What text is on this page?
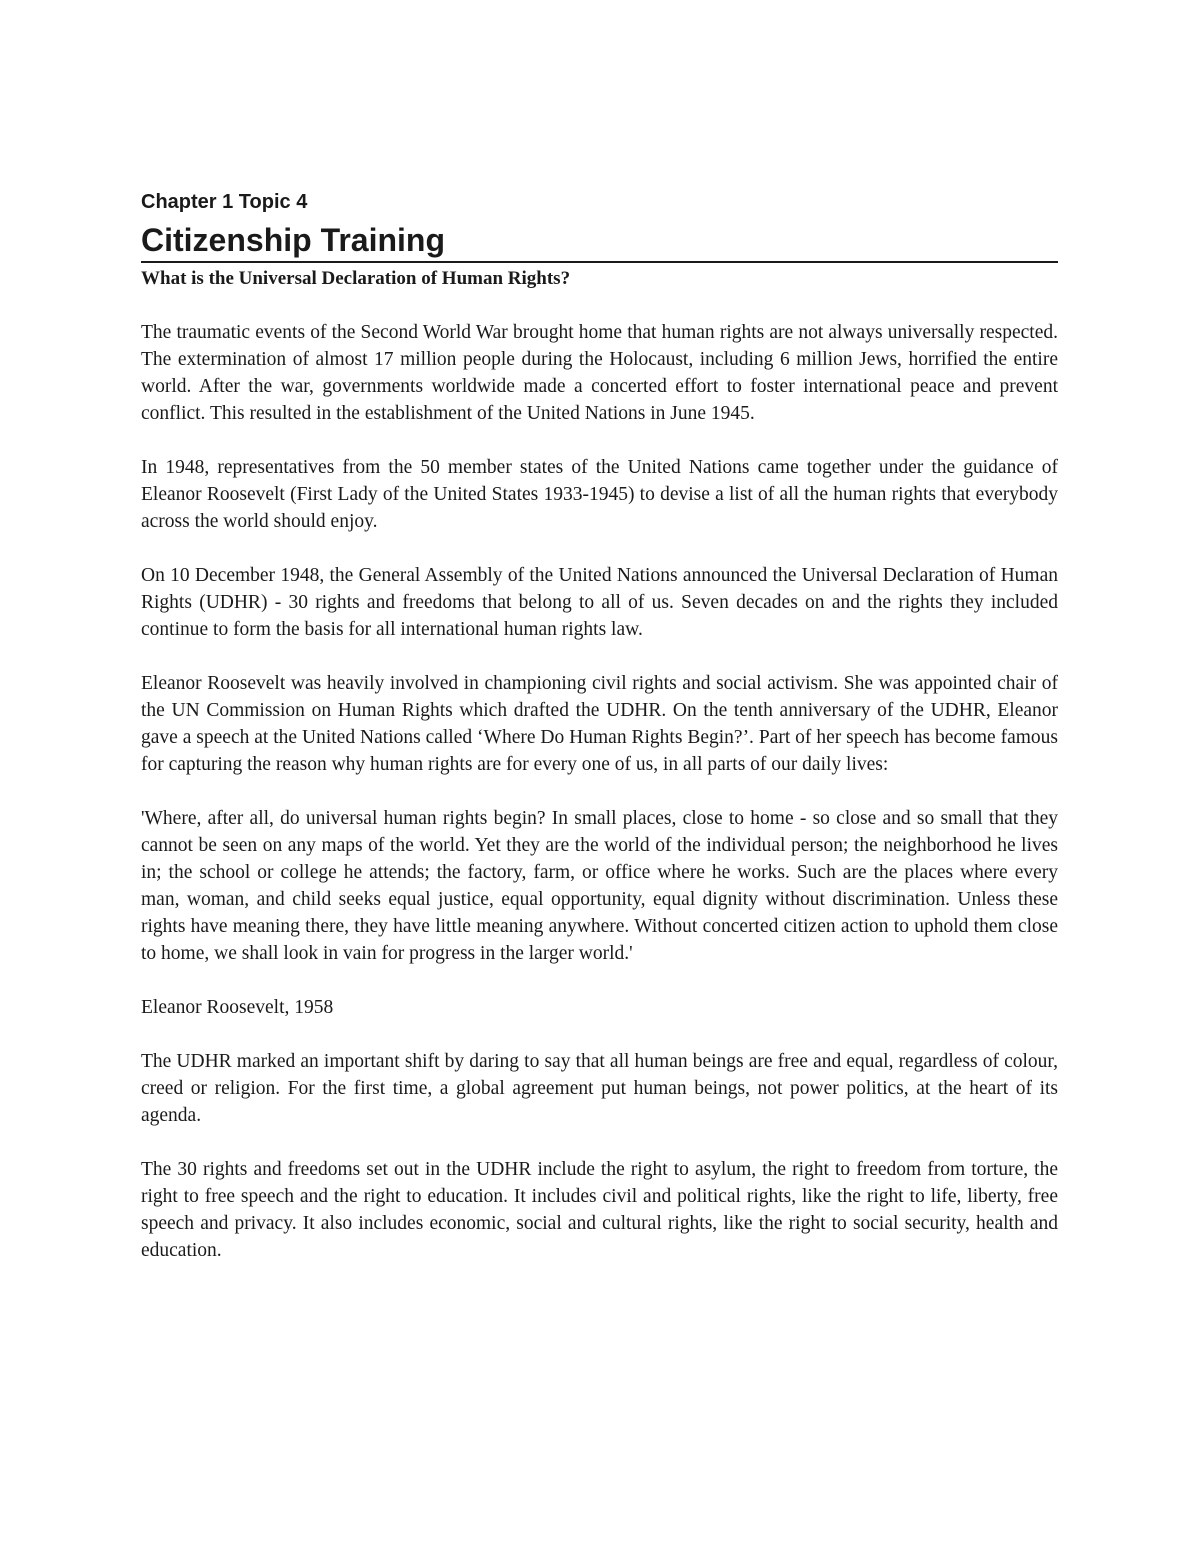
Chapter 1 Topic 4
Citizenship Training
What is the Universal Declaration of Human Rights?

The traumatic events of the Second World War brought home that human rights are not always universally respected. The extermination of almost 17 million people during the Holocaust, including 6 million Jews, horrified the entire world. After the war, governments worldwide made a concerted effort to foster international peace and prevent conflict. This resulted in the establishment of the United Nations in June 1945.

In 1948, representatives from the 50 member states of the United Nations came together under the guidance of Eleanor Roosevelt (First Lady of the United States 1933-1945) to devise a list of all the human rights that everybody across the world should enjoy.

On 10 December 1948, the General Assembly of the United Nations announced the Universal Declaration of Human Rights (UDHR) - 30 rights and freedoms that belong to all of us. Seven decades on and the rights they included continue to form the basis for all international human rights law.

Eleanor Roosevelt was heavily involved in championing civil rights and social activism. She was appointed chair of the UN Commission on Human Rights which drafted the UDHR. On the tenth anniversary of the UDHR, Eleanor gave a speech at the United Nations called ‘Where Do Human Rights Begin?’. Part of her speech has become famous for capturing the reason why human rights are for every one of us, in all parts of our daily lives:

'Where, after all, do universal human rights begin? In small places, close to home - so close and so small that they cannot be seen on any maps of the world. Yet they are the world of the individual person; the neighborhood he lives in; the school or college he attends; the factory, farm, or office where he works. Such are the places where every man, woman, and child seeks equal justice, equal opportunity, equal dignity without discrimination. Unless these rights have meaning there, they have little meaning anywhere. Without concerted citizen action to uphold them close to home, we shall look in vain for progress in the larger world.'

Eleanor Roosevelt, 1958

The UDHR marked an important shift by daring to say that all human beings are free and equal, regardless of colour, creed or religion. For the first time, a global agreement put human beings, not power politics, at the heart of its agenda.

The 30 rights and freedoms set out in the UDHR include the right to asylum, the right to freedom from torture, the right to free speech and the right to education. It includes civil and political rights, like the right to life, liberty, free speech and privacy. It also includes economic, social and cultural rights, like the right to social security, health and education.
